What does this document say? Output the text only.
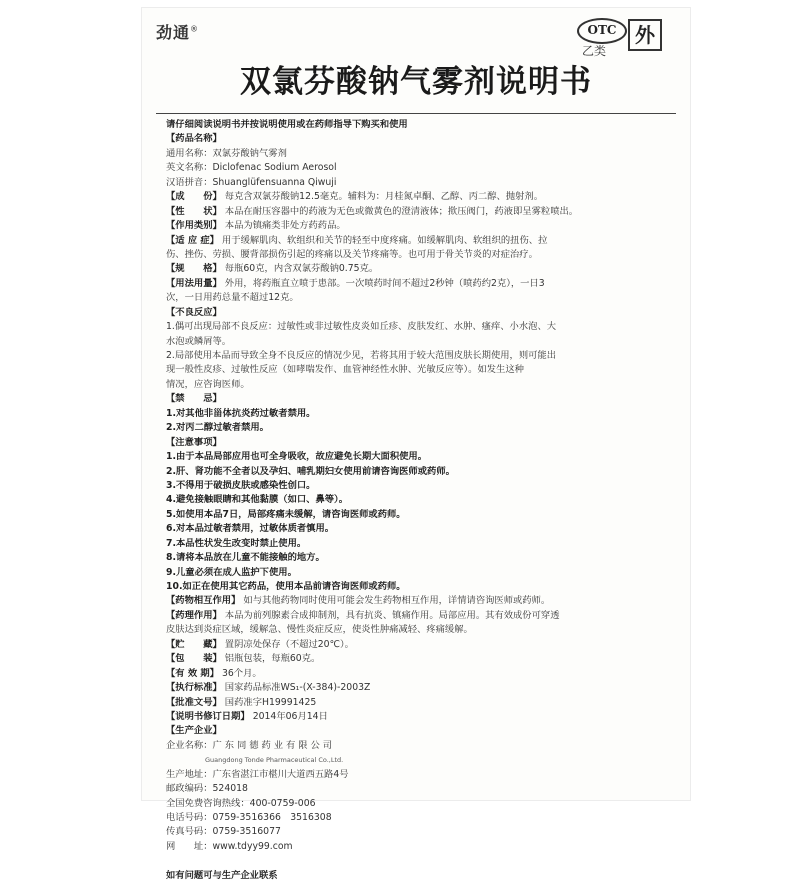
劲通®	OTC
乙类
外
双氯芬酸钠气雾剂说明书
请仔细阅读说明书并按说明使用或在药师指导下购买和使用
【药品名称】
通用名称：双氯芬酸钠气雾剂
英文名称：Diclofenac Sodium Aerosol
汉语拼音：Shuanglüfensuanna Qiwuji
【成　　份】 每克含双氯芬酸钠12.5毫克。辅料为：月桂氮卓酮、乙醇、丙二醇、抛射剂。
【性　　状】 本品在耐压容器中的药液为无色或微黄色的澄清液体；揿压阀门，药液即呈雾粒喷出。
【作用类别】 本品为镇痛类非处方药药品。
【适 应 症】 用于缓解肌肉、软组织和关节的轻至中度疼痛。如缓解肌肉、软组织的扭伤、拉
伤、挫伤、劳损、腰背部损伤引起的疼痛以及关节疼痛等。也可用于骨关节炎的对症治疗。
【规　　格】 每瓶60克，内含双氯芬酸钠0.75克。
【用法用量】 外用，将药瓶直立喷于患部。一次喷药时间不超过2秒钟（喷药约2克），一日3
次，一日用药总量不超过12克。
【不良反应】
1.偶可出现局部不良反应：过敏性或非过敏性皮炎如丘疹、皮肤发红、水肿、瘙痒、小水泡、大
水泡或鳞屑等。
2.局部使用本品而导致全身不良反应的情况少见，若将其用于较大范围皮肤长期使用，则可能出
现一般性皮疹、过敏性反应（如哮喘发作、血管神经性水肿、光敏反应等）。如发生这种
情况，应咨询医师。
【禁　　忌】
1.对其他非甾体抗炎药过敏者禁用。
2.对丙二醇过敏者禁用。
【注意事项】
1.由于本品局部应用也可全身吸收，故应避免长期大面积使用。
2.肝、肾功能不全者以及孕妇、哺乳期妇女使用前请咨询医师或药师。
3.不得用于破损皮肤或感染性创口。
4.避免接触眼睛和其他黏膜（如口、鼻等）。
5.如使用本品7日，局部疼痛未缓解，请咨询医师或药师。
6.对本品过敏者禁用，过敏体质者慎用。
7.本品性状发生改变时禁止使用。
8.请将本品放在儿童不能接触的地方。
9.儿童必须在成人监护下使用。
10.如正在使用其它药品，使用本品前请咨询医师或药师。
【药物相互作用】 如与其他药物同时使用可能会发生药物相互作用，详情请咨询医师或药师。
【药理作用】 本品为前列腺素合成抑制剂，具有抗炎、镇痛作用。局部应用。其有效成份可穿透
皮肤达到炎症区域，缓解急、慢性炎症反应，使炎性肿痛减轻、疼痛缓解。
【贮　　藏】 置阴凉处保存（不超过20℃）。
【包　　装】 铝瓶包装，每瓶60克。
【有 效 期】 36个月。
【执行标准】 国家药品标准WS₁-(X-384)-2003Z
【批准文号】 国药准字H19991425
【说明书修订日期】 2014年06月14日
【生产企业】
企业名称：广 东 同 德 药 业 有 限 公 司
　　　　　　Guangdong Tonde Pharmaceutical Co.,Ltd.
生产地址：广东省湛江市椹川大道西五路4号
邮政编码：524018
全国免费咨询热线：400-0759-006
电话号码：0759-3516366　3516308
传真号码：0759-3516077
网　　址：www.tdyy99.com
如有问题可与生产企业联系
